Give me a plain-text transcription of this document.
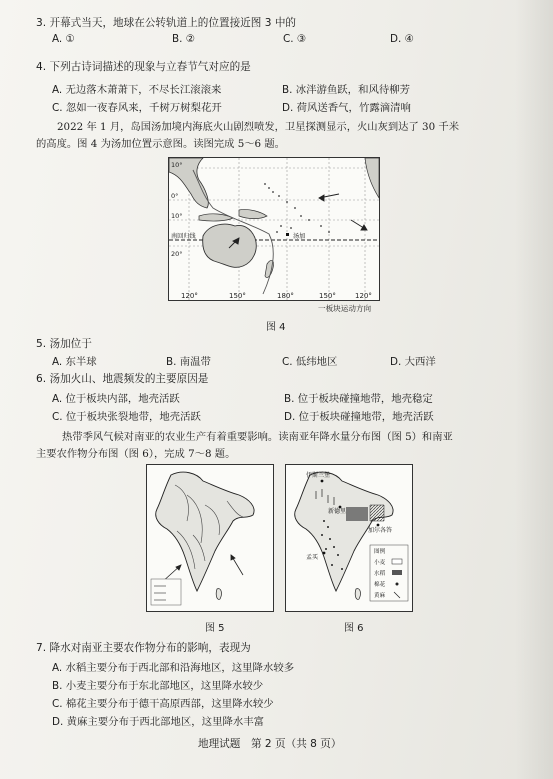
3. 开幕式当天，地球在公转轨道上的位置接近图 3 中的
A. ①	B. ②	C. ③	D. ④
4. 下列古诗词描述的现象与立春节气对应的是
A. 无边落木萧萧下，不尽长江滚滚来	B. 冰泮游鱼跃，和风待柳芳
C. 忽如一夜春风来，千树万树梨花开	D. 荷风送香气，竹露滴清响
2022 年 1 月，岛国汤加境内海底火山剧烈喷发，卫星探测显示，火山灰到达了 30 千米
的高度。图 4 为汤加位置示意图。读图完成 5～6 题。
汤加
南回归线
10°
0°
10°
20°
120°	150°	180°	150°	120°
一板块运动方向
图 4
5. 汤加位于
A. 东半球	B. 南温带	C. 低纬地区	D. 大西洋
6. 汤加火山、地震频发的主要原因是
A. 位于板块内部，地壳活跃	B. 位于板块碰撞地带，地壳稳定
C. 位于板块张裂地带，地壳活跃	D. 位于板块碰撞地带，地壳活跃
热带季风气候对南亚的农业生产有着重要影响。读南亚年降水量分布图（图 5）和南亚
主要农作物分布图（图 6），完成 7～8 题。
图 5
伊斯兰堡
新德里
加尔各答
孟买
图例
小麦
水稻
棉花
黄麻
图 6
7. 降水对南亚主要农作物分布的影响，表现为
A. 水稻主要分布于西北部和沿海地区，这里降水较多
B. 小麦主要分布于东北部地区，这里降水较少
C. 棉花主要分布于德干高原西部，这里降水较少
D. 黄麻主要分布于西北部地区，这里降水丰富
地理试题　第 2 页（共 8 页）
